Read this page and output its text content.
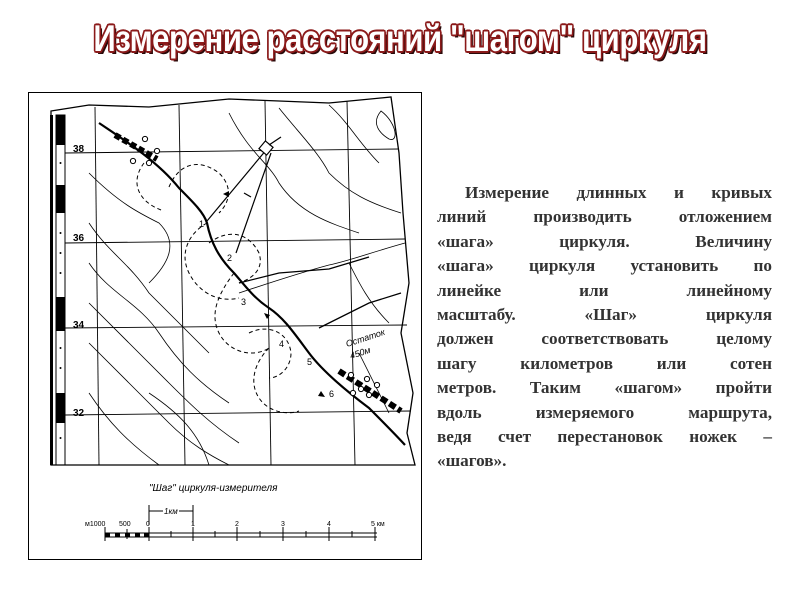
Измерение расстояний "шагом" циркуля
38
36
34
32
1
2
3
4
5
6
Остаток
450м
"Шаг" циркуля-измерителя
1км
м1000 500 0	1	2	3	4	5 км
Измерение длинных и кривых
линий производить отложением
«шага» циркуля. Величину
«шага» циркуля установить по
линейке или линейному
масштабу. «Шаг» циркуля
должен соответствовать целому
шагу километров или сотен
метров. Таким «шагом» пройти
вдоль измеряемого маршрута,
ведя счет перестановок ножек –
«шагов».
